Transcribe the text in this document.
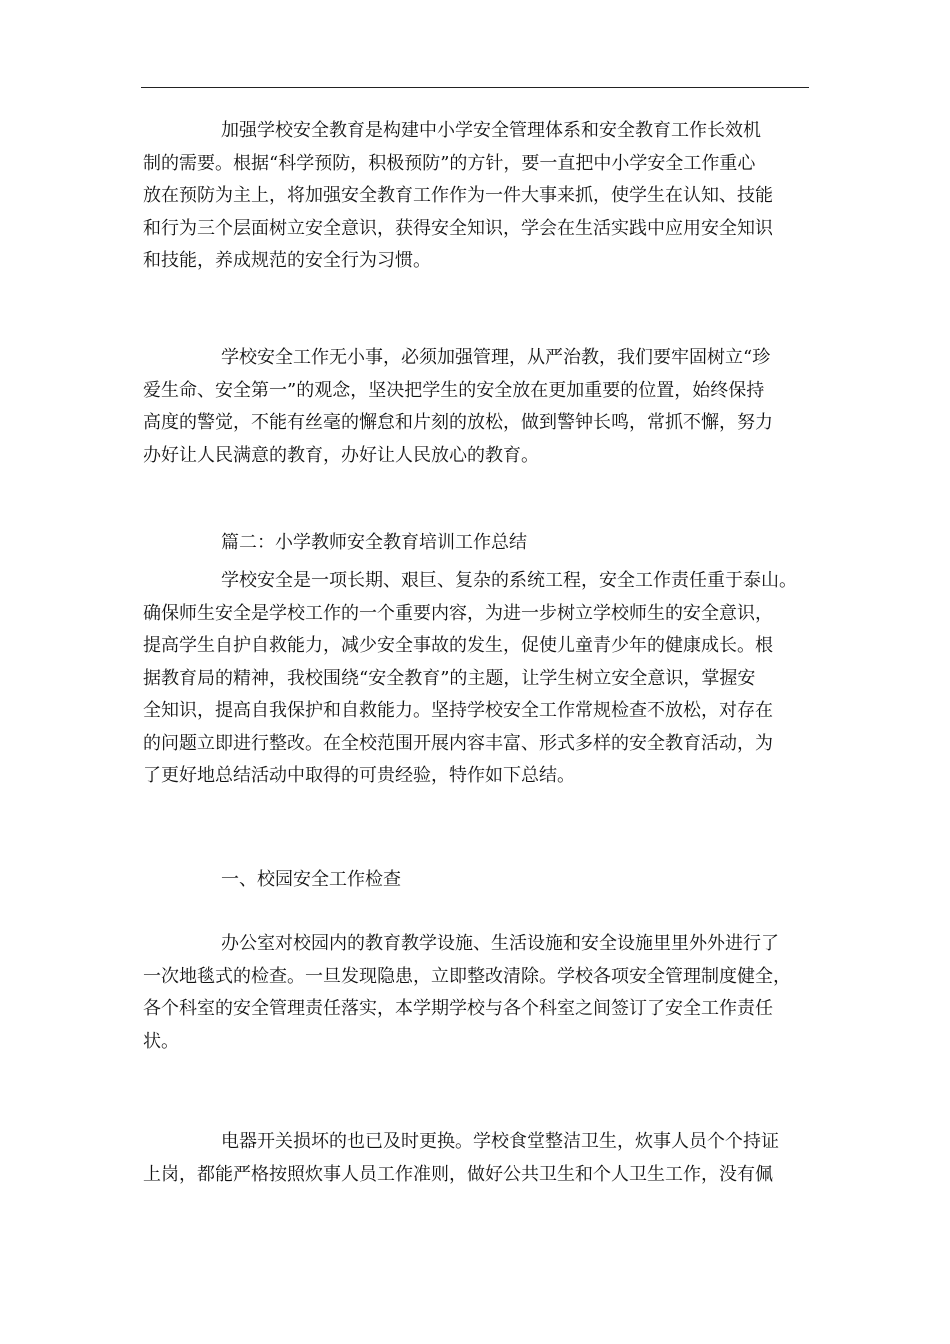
加强学校安全教育是构建中小学安全管理体系和安全教育工作长效机
制的需要。根据“科学预防，积极预防”的方针，要一直把中小学安全工作重心
放在预防为主上，将加强安全教育工作作为一件大事来抓，使学生在认知、技能
和行为三个层面树立安全意识，获得安全知识，学会在生活实践中应用安全知识
和技能，养成规范的安全行为习惯。
学校安全工作无小事，必须加强管理，从严治教，我们要牢固树立“珍
爱生命、安全第一”的观念，坚决把学生的安全放在更加重要的位置，始终保持
高度的警觉，不能有丝毫的懈怠和片刻的放松，做到警钟长鸣，常抓不懈，努力
办好让人民满意的教育，办好让人民放心的教育。

篇二：小学教师安全教育培训工作总结

学校安全是一项长期、艰巨、复杂的系统工程，安全工作责任重于泰山。
确保师生安全是学校工作的一个重要内容，为进一步树立学校师生的安全意识，
提高学生自护自救能力，减少安全事故的发生，促使儿童青少年的健康成长。根
据教育局的精神，我校围绕“安全教育”的主题，让学生树立安全意识，掌握安
全知识，提高自我保护和自救能力。坚持学校安全工作常规检查不放松，对存在
的问题立即进行整改。在全校范围开展内容丰富、形式多样的安全教育活动，为
了更好地总结活动中取得的可贵经验，特作如下总结。

一、校园安全工作检查

办公室对校园内的教育教学设施、生活设施和安全设施里里外外进行了
一次地毯式的检查。一旦发现隐患，立即整改清除。学校各项安全管理制度健全，
各个科室的安全管理责任落实，本学期学校与各个科室之间签订了安全工作责任
状。
电器开关损坏的也已及时更换。学校食堂整洁卫生，炊事人员个个持证
上岗，都能严格按照炊事人员工作准则，做好公共卫生和个人卫生工作，没有佩
